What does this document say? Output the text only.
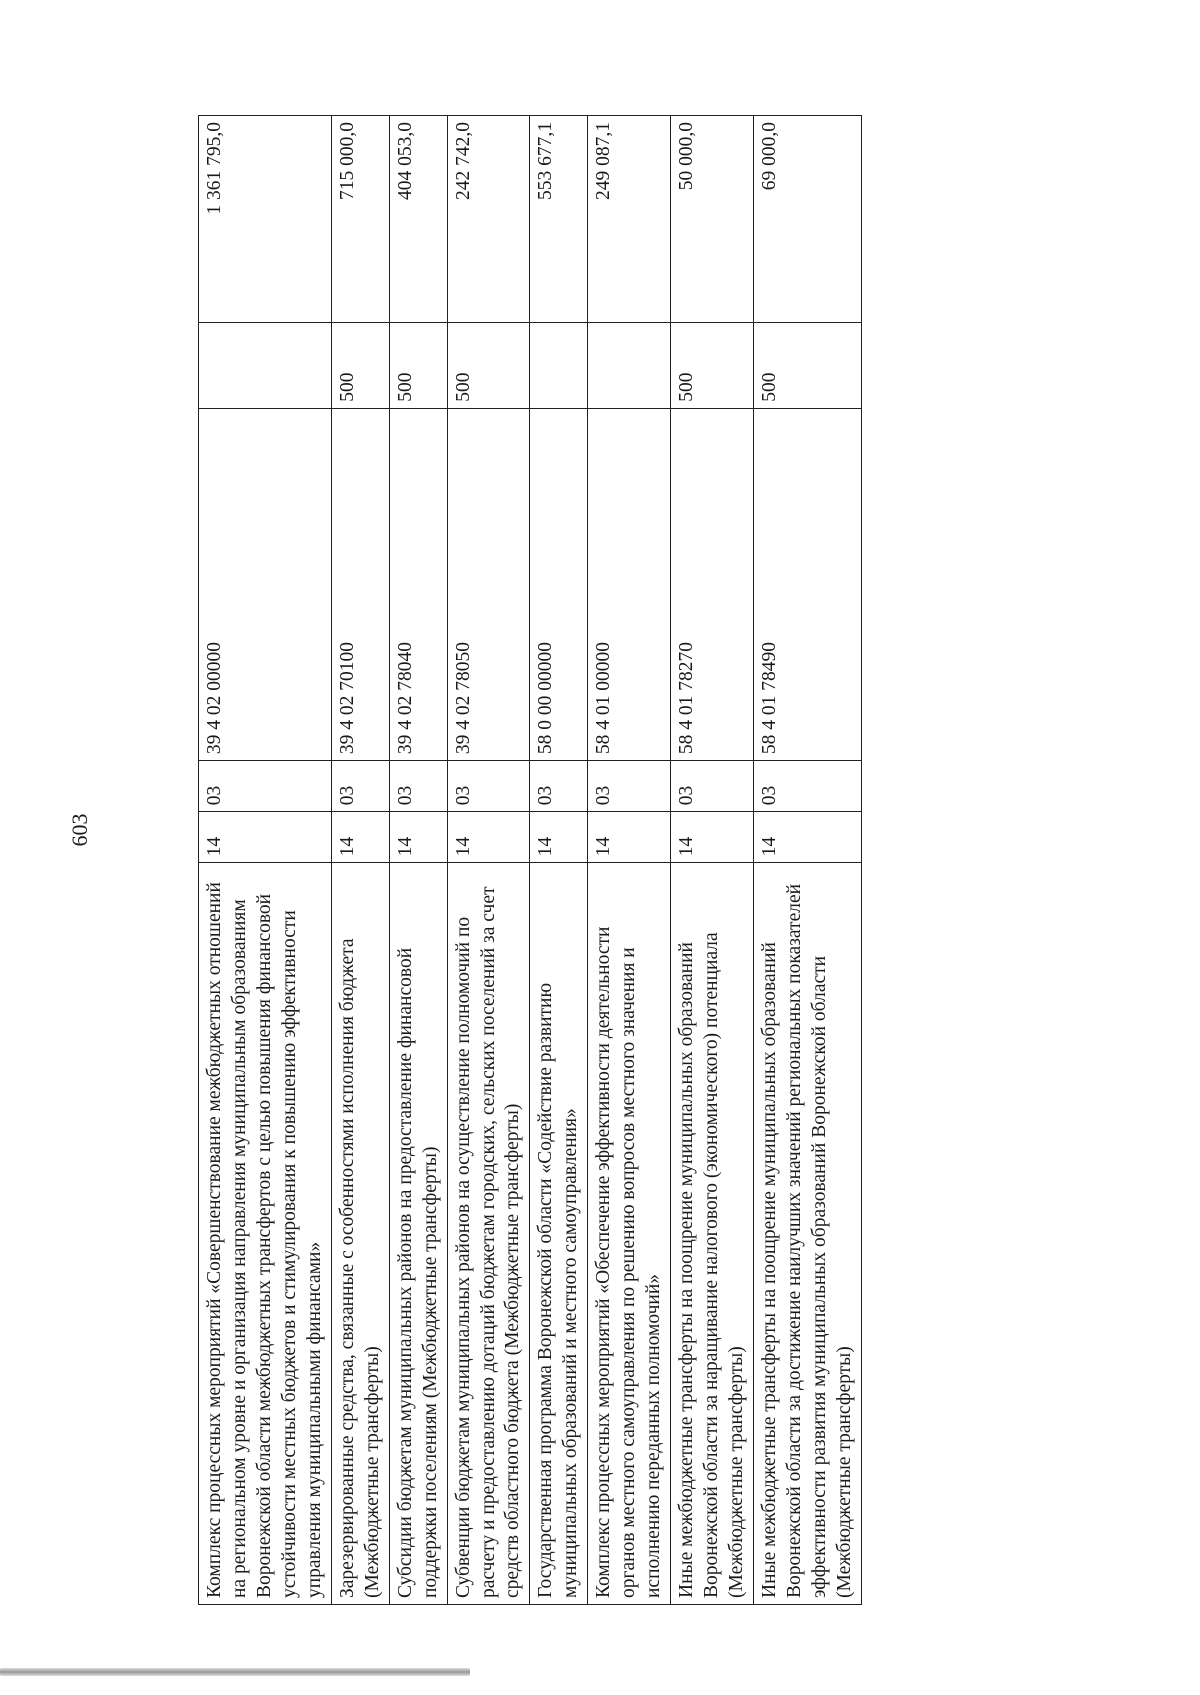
603
Комплекс процессных мероприятий «Совершенствование межбюджетных отношений на региональном уровне и организация направления муниципальным образованиям Воронежской области межбюджетных трансфертов с целью повышения финансовой устойчивости местных бюджетов и стимулирования к повышению эффективности управления муниципальными финансами»	14	03	39 4 02 00000		1 361 795,0
Зарезервированные средства, связанные с особенностями исполнения бюджета (Межбюджетные трансферты)	14	03	39 4 02 70100	500	715 000,0
Субсидии бюджетам муниципальных районов на предоставление финансовой поддержки поселениям (Межбюджетные трансферты)	14	03	39 4 02 78040	500	404 053,0
Субвенции бюджетам муниципальных районов на осуществление полномочий по расчету и предоставлению дотаций бюджетам городских, сельских поселений за счет средств областного бюджета (Межбюджетные трансферты)	14	03	39 4 02 78050	500	242 742,0
Государственная программа Воронежской области «Содействие развитию муниципальных образований и местного самоуправления»	14	03	58 0 00 00000		553 677,1
Комплекс процессных мероприятий «Обеспечение эффективности деятельности органов местного самоуправления по решению вопросов местного значения и исполнению переданных полномочий»	14	03	58 4 01 00000		249 087,1
Иные межбюджетные трансферты на поощрение муниципальных образований Воронежской области за наращивание налогового (экономического) потенциала (Межбюджетные трансферты)	14	03	58 4 01 78270	500	50 000,0
Иные межбюджетные трансферты на поощрение муниципальных образований Воронежской области за достижение наилучших значений региональных показателей эффективности развития муниципальных образований Воронежской области (Межбюджетные трансферты)	14	03	58 4 01 78490	500	69 000,0
